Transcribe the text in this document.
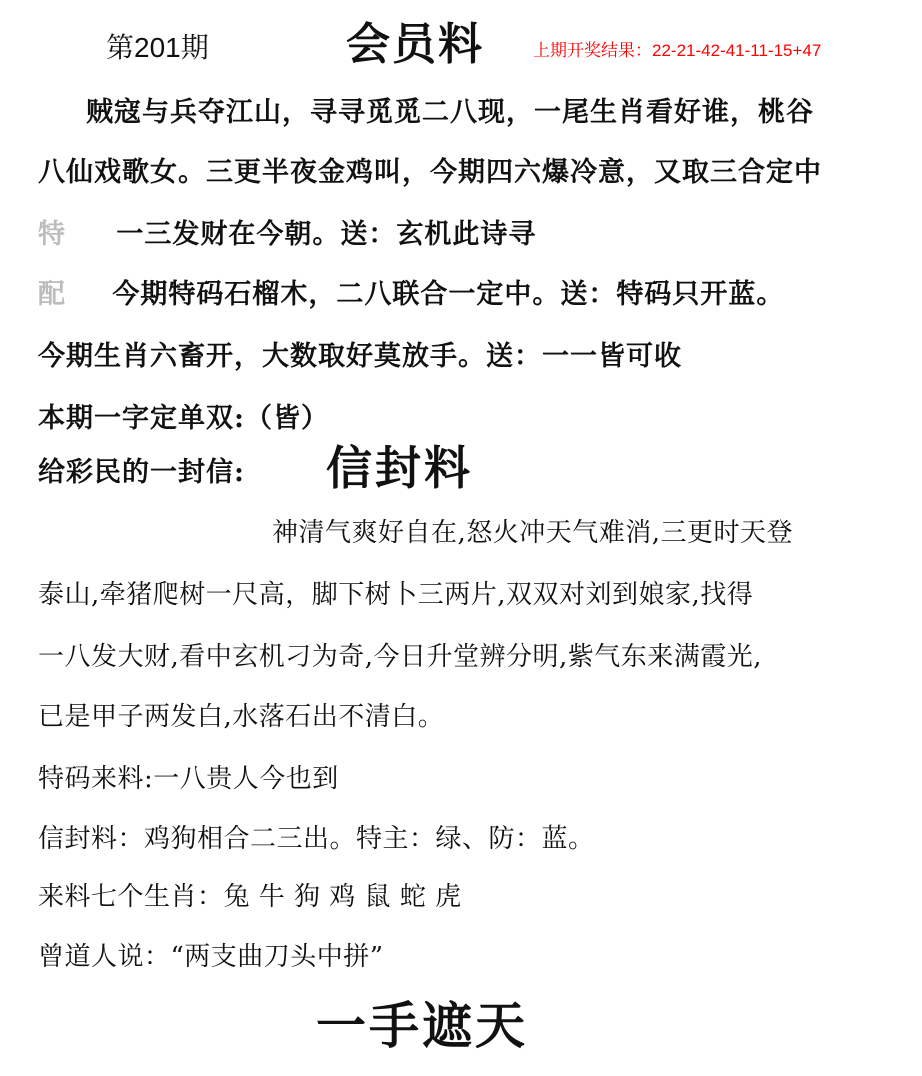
第201期	会员料	上期开奖结果：22-21-42-41-11-15+47
贼寇与兵夺江山，寻寻觅觅二八现，一尾生肖看好谁，桃谷
八仙戏歌女。三更半夜金鸡叫，今期四六爆冷意，又取三合定中
特 一三发财在今朝。送：玄机此诗寻
配 今期特码石榴木，二八联合一定中。送：特码只开蓝。
今期生肖六畜开，大数取好莫放手。送：一一皆可收
本期一字定单双:（皆）
给彩民的一封信: 信封料
神清气爽好自在,怒火冲天气难消,三更时天登
泰山,牵猪爬树一尺高，脚下树卜三两片,双双对刘到娘家,找得
一八发大财,看中玄机刁为奇,今日升堂辨分明,紫气东来满霞光,
已是甲子两发白,水落石出不清白。
特码来料:一八贵人今也到
信封料：鸡狗相合二三出。特主：绿、防：蓝。
来料七个生肖：兔 牛 狗 鸡 鼠 蛇 虎
曾道人说：“两支曲刀头中拼”
一手遮天
